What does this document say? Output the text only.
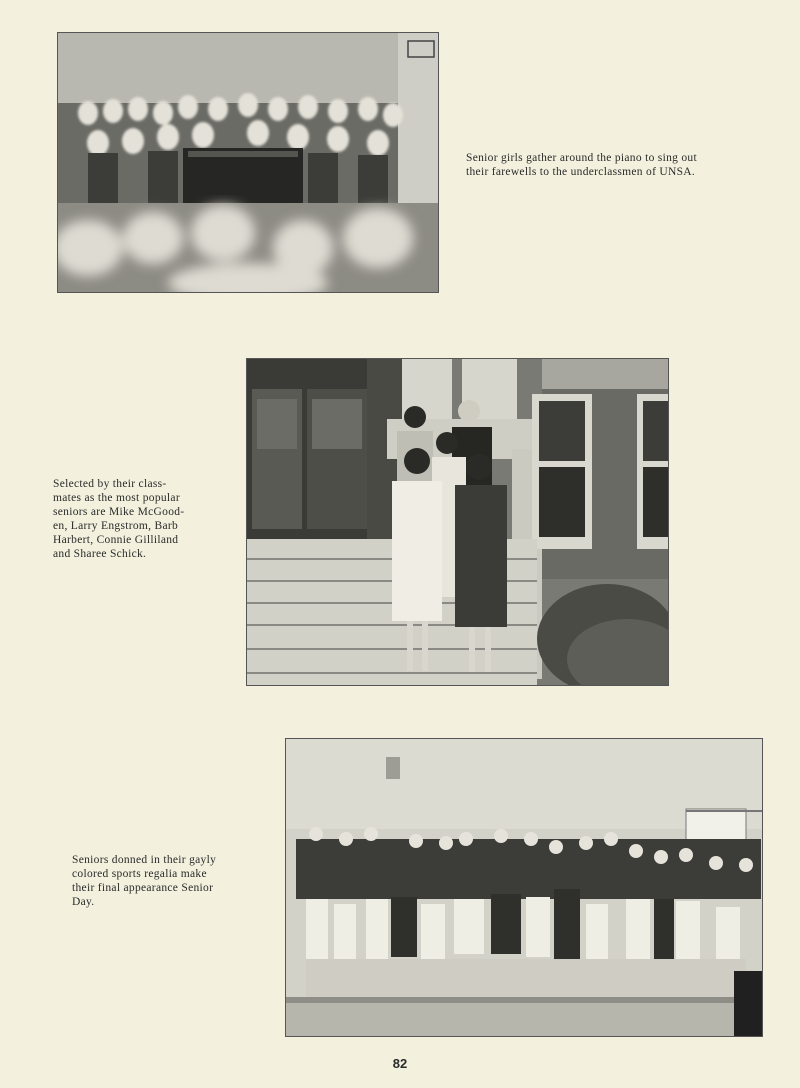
Senior girls gather around the piano to sing out
their farewells to the underclassmen of UNSA.

Selected by their class-
mates as the most popular
seniors are Mike McGood-
en, Larry Engstrom, Barb
Harbert, Connie Gilliland
and Sharee Schick.

Seniors donned in their gayly
colored sports regalia make
their final appearance Senior
Day.

82
